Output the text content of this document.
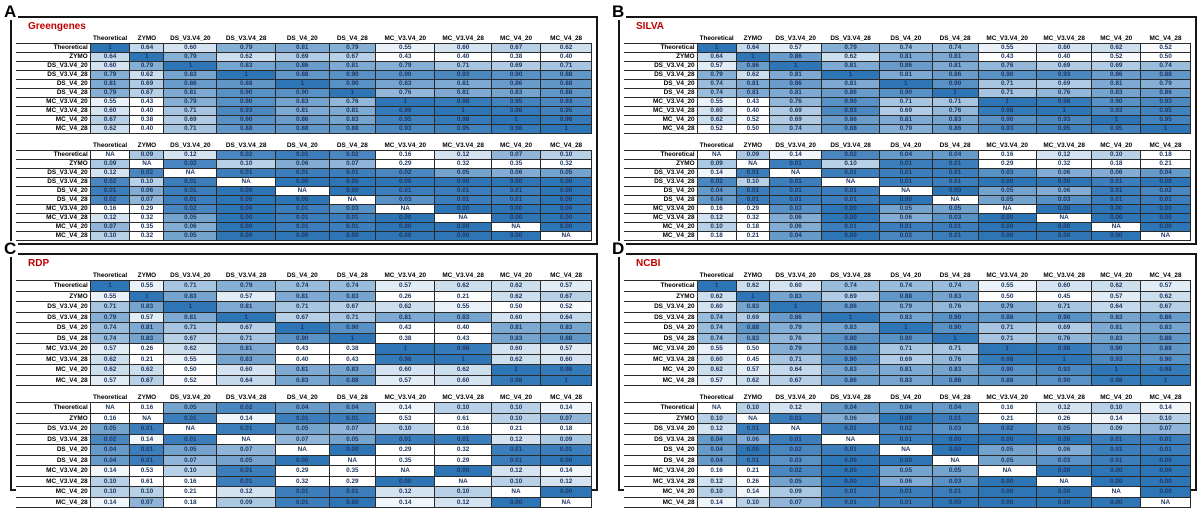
A
Greengenes
	Theoretical	ZYMO	DS_V3.V4_20	DS_V3.V4_28	DS_V4_20	DS_V4_28	MC_V3.V4_20	MC_V3.V4_28	MC_V4_20	MC_V4_28
Theoretical	1	0.64	0.60	0.79	0.81	0.79	0.55	0.60	0.67	0.62
ZYMO	0.64	1	0.79	0.62	0.69	0.67	0.43	0.40	0.38	0.40
DS_V3.V4_20	0.60	0.79	1	0.83	0.86	0.81	0.79	0.71	0.69	0.71
DS_V3.V4_28	0.79	0.62	0.83	1	0.88	0.90	0.90	0.93	0.90	0.88
DS_V4_20	0.81	0.69	0.86	0.88	1	0.90	0.83	0.81	0.86	0.88
DS_V4_28	0.79	0.67	0.81	0.90	0.90	1	0.76	0.81	0.83	0.88
MC_V3.V4_20	0.55	0.43	0.79	0.90	0.83	0.76	1	0.98	0.95	0.93
MC_V3.V4_28	0.60	0.40	0.71	0.93	0.81	0.81	0.98	1	0.98	0.95
MC_V4_20	0.67	0.38	0.69	0.90	0.86	0.83	0.95	0.98	1	0.98
MC_V4_28	0.62	0.40	0.71	0.88	0.88	0.88	0.93	0.95	0.98	1
	Theoretical	ZYMO	DS_V3.V4_20	DS_V3.V4_28	DS_V4_20	DS_V4_28	MC_V3.V4_20	MC_V3.V4_28	MC_V4_20	MC_V4_28
Theoretical	NA	0.09	0.12	0.02	0.01	0.02	0.16	0.12	0.07	0.10
ZYMO	0.09	NA	0.02	0.10	0.06	0.07	0.29	0.32	0.35	0.32
DS_V3.V4_20	0.12	0.02	NA	0.01	0.01	0.01	0.02	0.05	0.06	0.05
DS_V3.V4_28	0.02	0.10	0.01	NA	0.00	0.00	0.00	0.00	0.00	0.00
DS_V4_20	0.01	0.06	0.01	0.00	NA	0.00	0.01	0.01	0.01	0.00
DS_V4_28	0.02	0.07	0.01	0.00	0.00	NA	0.03	0.01	0.01	0.00
MC_V3.V4_20	0.16	0.29	0.02	0.00	0.01	0.03	NA	0.00	0.00	0.00
MC_V3.V4_28	0.12	0.32	0.05	0.00	0.01	0.01	0.00	NA	0.00	0.00
MC_V4_20	0.07	0.35	0.06	0.00	0.01	0.01	0.00	0.00	NA	0.00
MC_V4_28	0.10	0.32	0.05	0.00	0.00	0.00	0.00	0.00	0.00	NA
B
SILVA
	Theoretical	ZYMO	DS_V3.V4_20	DS_V3.V4_28	DS_V4_20	DS_V4_28	MC_V3.V4_20	MC_V3.V4_28	MC_V4_20	MC_V4_28
Theoretical	1	0.64	0.57	0.79	0.74	0.74	0.55	0.60	0.62	0.52
ZYMO	0.64	1	0.86	0.62	0.81	0.81	0.43	0.40	0.52	0.50
DS_V3.V4_20	0.57	0.86	1	0.81	0.86	0.81	0.76	0.69	0.69	0.74
DS_V3.V4_28	0.79	0.62	0.81	1	0.81	0.86	0.90	0.93	0.86	0.88
DS_V4_20	0.74	0.81	0.86	0.81	1	0.90	0.71	0.69	0.81	0.79
DS_V4_28	0.74	0.81	0.81	0.86	0.90	1	0.71	0.76	0.83	0.86
MC_V3.V4_20	0.55	0.43	0.76	0.90	0.71	0.71	1	0.98	0.90	0.93
MC_V3.V4_28	0.60	0.40	0.69	0.93	0.69	0.76	0.98	1	0.93	0.95
MC_V4_20	0.62	0.52	0.69	0.86	0.81	0.83	0.90	0.93	1	0.95
MC_V4_28	0.52	0.50	0.74	0.88	0.79	0.86	0.93	0.95	0.95	1
	Theoretical	ZYMO	DS_V3.V4_20	DS_V3.V4_28	DS_V4_20	DS_V4_28	MC_V3.V4_20	MC_V3.V4_28	MC_V4_20	MC_V4_28
Theoretical	NA	0.09	0.14	0.02	0.04	0.04	0.16	0.12	0.10	0.18
ZYMO	0.09	NA	0.01	0.10	0.01	0.01	0.29	0.32	0.18	0.21
DS_V3.V4_20	0.14	0.01	NA	0.01	0.01	0.01	0.03	0.06	0.06	0.04
DS_V3.V4_28	0.02	0.10	0.01	NA	0.01	0.01	0.00	0.00	0.01	0.00
DS_V4_20	0.04	0.01	0.01	0.01	NA	0.00	0.05	0.06	0.01	0.02
DS_V4_28	0.04	0.01	0.01	0.01	0.00	NA	0.05	0.03	0.01	0.01
MC_V3.V4_20	0.16	0.29	0.03	0.00	0.05	0.05	NA	0.00	0.00	0.00
MC_V3.V4_28	0.12	0.32	0.06	0.00	0.06	0.03	0.00	NA	0.00	0.00
MC_V4_20	0.10	0.18	0.06	0.01	0.01	0.01	0.00	0.00	NA	0.00
MC_V4_28	0.18	0.21	0.04	0.00	0.02	0.01	0.00	0.00	0.00	NA
C
RDP
	Theoretical	ZYMO	DS_V3.V4_20	DS_V3.V4_28	DS_V4_20	DS_V4_28	MC_V3.V4_20	MC_V3.V4_28	MC_V4_20	MC_V4_28
Theoretical	1	0.55	0.71	0.79	0.74	0.74	0.57	0.62	0.62	0.57
ZYMO	0.55	1	0.83	0.57	0.81	0.83	0.26	0.21	0.62	0.67
DS_V3.V4_20	0.71	0.83	1	0.81	0.71	0.67	0.62	0.55	0.50	0.52
DS_V3.V4_28	0.79	0.57	0.81	1	0.67	0.71	0.81	0.83	0.60	0.64
DS_V4_20	0.74	0.81	0.71	0.67	1	0.90	0.43	0.40	0.81	0.83
DS_V4_28	0.74	0.83	0.67	0.71	0.90	1	0.38	0.43	0.83	0.88
MC_V3.V4_20	0.57	0.26	0.62	0.81	0.43	0.38	1	0.98	0.60	0.57
MC_V3.V4_28	0.62	0.21	0.55	0.83	0.40	0.43	0.98	1	0.62	0.60
MC_V4_20	0.62	0.62	0.50	0.60	0.81	0.83	0.60	0.62	1	0.98
MC_V4_28	0.57	0.67	0.52	0.64	0.83	0.88	0.57	0.60	0.98	1
	Theoretical	ZYMO	DS_V3.V4_20	DS_V3.V4_28	DS_V4_20	DS_V4_28	MC_V3.V4_20	MC_V3.V4_28	MC_V4_20	MC_V4_28
Theoretical	NA	0.16	0.05	0.02	0.04	0.04	0.14	0.10	0.10	0.14
ZYMO	0.16	NA	0.01	0.14	0.01	0.01	0.53	0.61	0.10	0.07
DS_V3.V4_20	0.05	0.01	NA	0.01	0.05	0.07	0.10	0.16	0.21	0.18
DS_V3.V4_28	0.02	0.14	0.01	NA	0.07	0.05	0.01	0.01	0.12	0.09
DS_V4_20	0.04	0.01	0.05	0.07	NA	0.00	0.29	0.32	0.01	0.01
DS_V4_28	0.04	0.01	0.07	0.05	0.00	NA	0.35	0.29	0.01	0.00
MC_V3.V4_20	0.14	0.53	0.10	0.01	0.29	0.35	NA	0.00	0.12	0.14
MC_V3.V4_28	0.10	0.61	0.16	0.01	0.32	0.29	0.00	NA	0.10	0.12
MC_V4_20	0.10	0.10	0.21	0.12	0.01	0.01	0.12	0.10	NA	0.00
MC_V4_28	0.14	0.07	0.18	0.09	0.01	0.00	0.14	0.12	0.00	NA
D
NCBI
	Theoretical	ZYMO	DS_V3.V4_20	DS_V3.V4_28	DS_V4_20	DS_V4_28	MC_V3.V4_20	MC_V3.V4_28	MC_V4_20	MC_V4_28
Theoretical	1	0.62	0.60	0.74	0.74	0.74	0.55	0.60	0.62	0.57
ZYMO	0.62	1	0.83	0.69	0.88	0.83	0.50	0.45	0.57	0.62
DS_V3.V4_20	0.60	0.83	1	0.86	0.79	0.76	0.79	0.71	0.64	0.67
DS_V3.V4_28	0.74	0.69	0.86	1	0.83	0.90	0.88	0.90	0.83	0.86
DS_V4_20	0.74	0.88	0.79	0.83	1	0.90	0.71	0.69	0.81	0.83
DS_V4_28	0.74	0.83	0.76	0.90	0.90	1	0.71	0.76	0.83	0.88
MC_V3.V4_20	0.55	0.50	0.79	0.88	0.71	0.71	1	0.98	0.90	0.88
MC_V3.V4_28	0.60	0.45	0.71	0.90	0.69	0.76	0.98	1	0.93	0.90
MC_V4_20	0.62	0.57	0.64	0.83	0.81	0.83	0.90	0.93	1	0.98
MC_V4_28	0.57	0.62	0.67	0.86	0.83	0.88	0.88	0.90	0.98	1
	Theoretical	ZYMO	DS_V3.V4_20	DS_V3.V4_28	DS_V4_20	DS_V4_28	MC_V3.V4_20	MC_V3.V4_28	MC_V4_20	MC_V4_28
Theoretical	NA	0.10	0.12	0.04	0.04	0.04	0.16	0.12	0.10	0.14
ZYMO	0.10	NA	0.01	0.06	0.00	0.01	0.21	0.26	0.14	0.10
DS_V3.V4_20	0.12	0.01	NA	0.01	0.02	0.03	0.02	0.05	0.09	0.07
DS_V3.V4_28	0.04	0.06	0.01	NA	0.01	0.00	0.00	0.00	0.01	0.01
DS_V4_20	0.04	0.00	0.02	0.01	NA	0.00	0.05	0.06	0.01	0.01
DS_V4_28	0.04	0.01	0.03	0.00	0.00	NA	0.05	0.03	0.01	0.00
MC_V3.V4_20	0.16	0.21	0.02	0.00	0.05	0.05	NA	0.00	0.00	0.00
MC_V3.V4_28	0.12	0.26	0.05	0.00	0.06	0.03	0.00	NA	0.00	0.00
MC_V4_20	0.10	0.14	0.09	0.01	0.01	0.01	0.00	0.00	NA	0.00
MC_V4_28	0.14	0.10	0.07	0.01	0.01	0.00	0.00	0.00	0.00	NA
